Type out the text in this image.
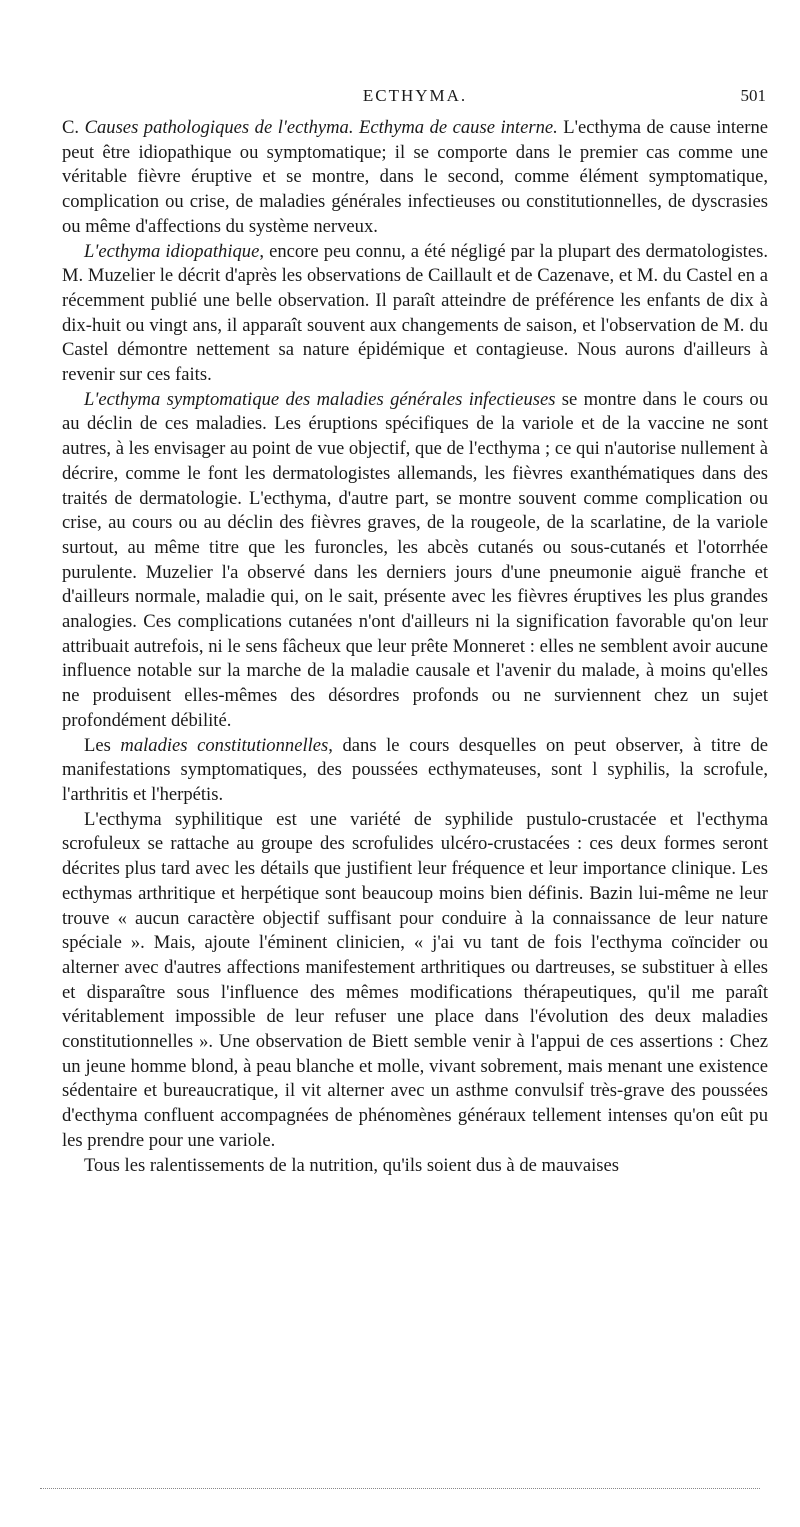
ECTHYMA.	501

C. Causes pathologiques de l'ecthyma. Ecthyma de cause interne. L'ecthyma de cause interne peut être idiopathique ou symptomatique; il se comporte dans le premier cas comme une véritable fièvre éruptive et se montre, dans le second, comme élément symptomatique, complication ou crise, de maladies générales infectieuses ou constitutionnelles, de dyscrasies ou même d'affections du système nerveux.

L'ecthyma idiopathique, encore peu connu, a été négligé par la plupart des dermatologistes. M. Muzelier le décrit d'après les observations de Caillault et de Cazenave, et M. du Castel en a récemment publié une belle observation. Il paraît atteindre de préférence les enfants de dix à dix-huit ou vingt ans, il apparaît souvent aux changements de saison, et l'observation de M. du Castel démontre nettement sa nature épidémique et contagieuse. Nous aurons d'ailleurs à revenir sur ces faits.

L'ecthyma symptomatique des maladies générales infectieuses se montre dans le cours ou au déclin de ces maladies. Les éruptions spécifiques de la variole et de la vaccine ne sont autres, à les envisager au point de vue objectif, que de l'ecthyma ; ce qui n'autorise nullement à décrire, comme le font les dermatologistes allemands, les fièvres exanthématiques dans des traités de dermatologie. L'ecthyma, d'autre part, se montre souvent comme complication ou crise, au cours ou au déclin des fièvres graves, de la rougeole, de la scarlatine, de la variole surtout, au même titre que les furoncles, les abcès cutanés ou sous-cutanés et l'otorrhée purulente. Muzelier l'a observé dans les derniers jours d'une pneumonie aiguë franche et d'ailleurs normale, maladie qui, on le sait, présente avec les fièvres éruptives les plus grandes analogies. Ces complications cutanées n'ont d'ailleurs ni la signification favorable qu'on leur attribuait autrefois, ni le sens fâcheux que leur prête Monneret : elles ne semblent avoir aucune influence notable sur la marche de la maladie causale et l'avenir du malade, à moins qu'elles ne produisent elles-mêmes des désordres profonds ou ne surviennent chez un sujet profondément débilité.

Les maladies constitutionnelles, dans le cours desquelles on peut observer, à titre de manifestations symptomatiques, des poussées ecthymateuses, sont l syphilis, la scrofule, l'arthritis et l'herpétis.

L'ecthyma syphilitique est une variété de syphilide pustulo-crustacée et l'ecthyma scrofuleux se rattache au groupe des scrofulides ulcéro-crustacées : ces deux formes seront décrites plus tard avec les détails que justifient leur fréquence et leur importance clinique. Les ecthymas arthritique et herpétique sont beaucoup moins bien définis. Bazin lui-même ne leur trouve « aucun caractère objectif suffisant pour conduire à la connaissance de leur nature spéciale ». Mais, ajoute l'éminent clinicien, « j'ai vu tant de fois l'ecthyma coïncider ou alterner avec d'autres affections manifestement arthritiques ou dartreuses, se substituer à elles et disparaître sous l'influence des mêmes modifications thérapeutiques, qu'il me paraît véritablement impossible de leur refuser une place dans l'évolution des deux maladies constitutionnelles ». Une observation de Biett semble venir à l'appui de ces assertions : Chez un jeune homme blond, à peau blanche et molle, vivant sobrement, mais menant une existence sédentaire et bureaucratique, il vit alterner avec un asthme convulsif très-grave des poussées d'ecthyma confluent accompagnées de phénomènes généraux tellement intenses qu'on eût pu les prendre pour une variole.

Tous les ralentissements de la nutrition, qu'ils soient dus à de mauvaises
